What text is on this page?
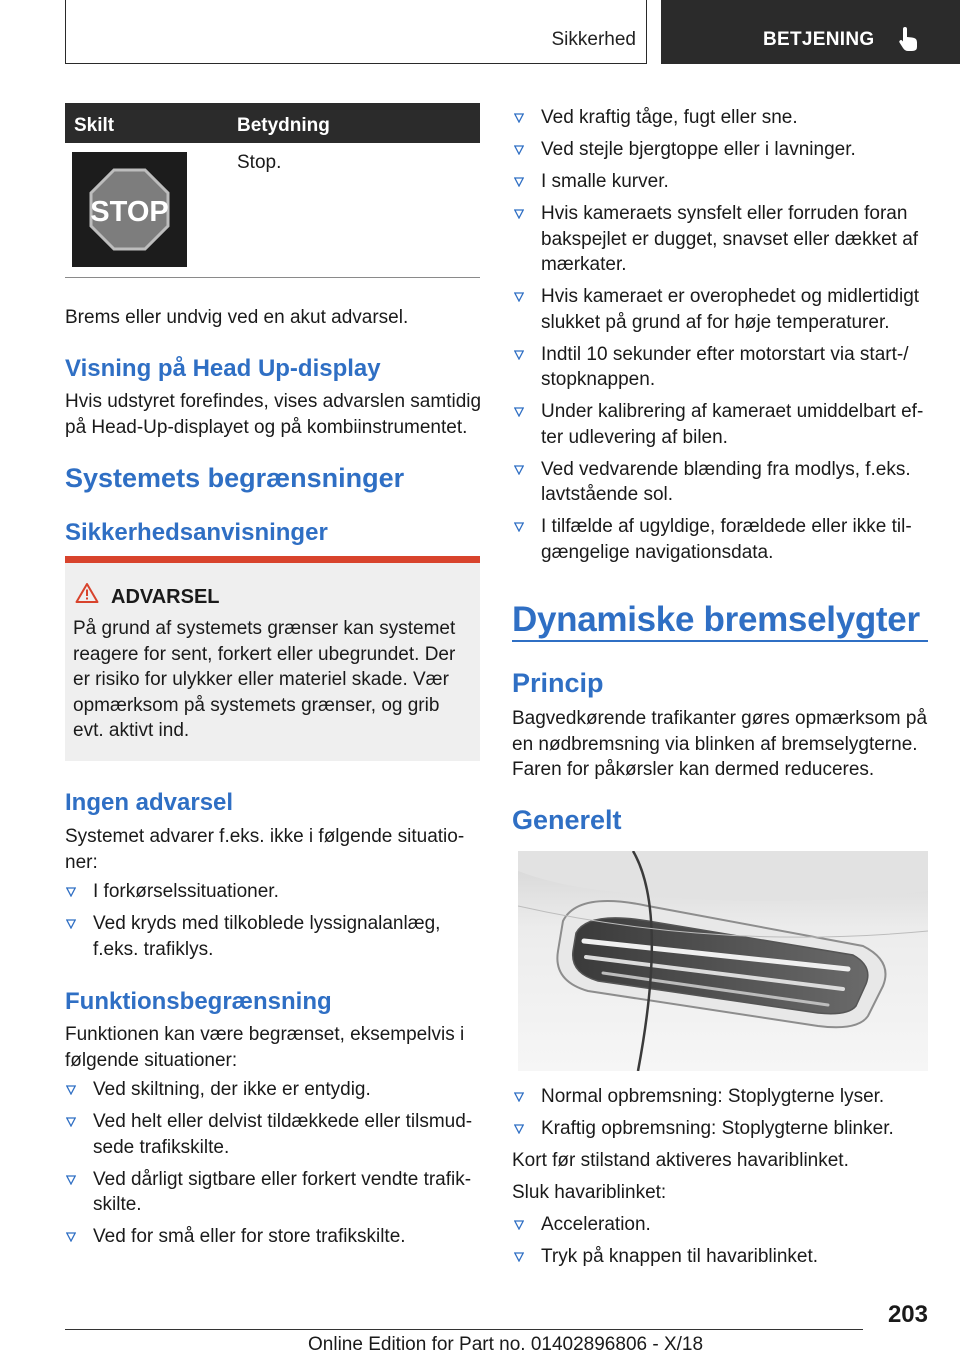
Sikkerhed	BETJENING
Skilt	Betydning
STOP
Stop.
Brems eller undvig ved en akut advarsel.
Visning på Head Up-display
Hvis udstyret forefindes, vises advarslen samtidig på Head-Up-displayet og på kombiinstrumentet.
Systemets begrænsninger
Sikkerhedsanvisninger
ADVARSEL
På grund af systemets grænser kan systemet reagere for sent, forkert eller ubegrundet. Der er risiko for ulykker eller materiel skade. Vær opmærksom på systemets grænser, og grib evt. aktivt ind.
Ingen advarsel
Systemet advarer f.eks. ikke i følgende situatio-ner:
I forkørselssituationer.
Ved kryds med tilkoblede lyssignalanlæg, f.eks. trafiklys.
Funktionsbegrænsning
Funktionen kan være begrænset, eksempelvis i følgende situationer:
Ved skiltning, der ikke er entydig.
Ved helt eller delvist tildækkede eller tilsmud-sede trafikskilte.
Ved dårligt sigtbare eller forkert vendte trafik-skilte.
Ved for små eller for store trafikskilte.
Ved kraftig tåge, fugt eller sne.
Ved stejle bjergtoppe eller i lavninger.
I smalle kurver.
Hvis kameraets synsfelt eller forruden foran bakspejlet er dugget, snavset eller dækket af mærkater.
Hvis kameraet er overophedet og midlertidigt slukket på grund af for høje temperaturer.
Indtil 10 sekunder efter motorstart via start-/ stopknappen.
Under kalibrering af kameraet umiddelbart ef-ter udlevering af bilen.
Ved vedvarende blænding fra modlys, f.eks. lavtstående sol.
I tilfælde af ugyldige, forældede eller ikke til-gængelige navigationsdata.
Dynamiske bremselygter
Princip
Bagvedkørende trafikanter gøres opmærksom på en nødbremsning via blinken af bremselygterne. Faren for påkørsler kan dermed reduceres.
Generelt
Normal opbremsning: Stoplygterne lyser.
Kraftig opbremsning: Stoplygterne blinker.
Kort før stilstand aktiveres havariblinket.
Sluk havariblinket:
Acceleration.
Tryk på knappen til havariblinket.
203
Online Edition for Part no. 01402896806 - X/18
